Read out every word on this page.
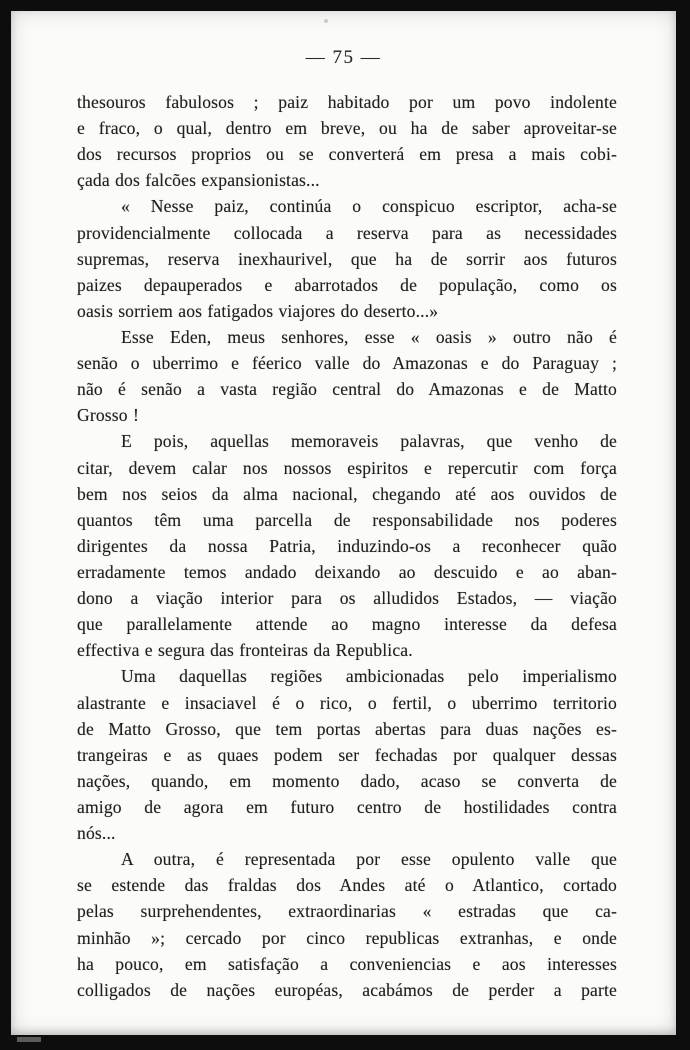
— 75 —
thesouros fabulosos ; paiz habitado por um povo indolente
e fraco, o qual, dentro em breve, ou ha de saber aproveitar-se
dos recursos proprios ou se converterá em presa a mais cobi-
çada dos falcões expansionistas...
« Nesse paiz, continúa o conspicuo escriptor, acha-se
providencialmente collocada a reserva para as necessidades
supremas, reserva inexhaurivel, que ha de sorrir aos futuros
paizes depauperados e abarrotados de população, como os
oasis sorriem aos fatigados viajores do deserto...»
Esse Eden, meus senhores, esse « oasis » outro não é
senão o uberrimo e féerico valle do Amazonas e do Paraguay ;
não é senão a vasta região central do Amazonas e de Matto
Grosso !
E pois, aquellas memoraveis palavras, que venho de
citar, devem calar nos nossos espiritos e repercutir com força
bem nos seios da alma nacional, chegando até aos ouvidos de
quantos têm uma parcella de responsabilidade nos poderes
dirigentes da nossa Patria, induzindo-os a reconhecer quão
erradamente temos andado deixando ao descuido e ao aban-
dono a viação interior para os alludidos Estados, — viação
que parallelamente attende ao magno interesse da defesa
effectiva e segura das fronteiras da Republica.
Uma daquellas regiões ambicionadas pelo imperialismo
alastrante e insaciavel é o rico, o fertil, o uberrimo territorio
de Matto Grosso, que tem portas abertas para duas nações es-
trangeiras e as quaes podem ser fechadas por qualquer dessas
nações, quando, em momento dado, acaso se converta de
amigo de agora em futuro centro de hostilidades contra
nós...
A outra, é representada por esse opulento valle que
se estende das fraldas dos Andes até o Atlantico, cortado
pelas surprehendentes, extraordinarias « estradas que ca-
minhão »; cercado por cinco republicas extranhas, e onde
ha pouco, em satisfação a conveniencias e aos interesses
colligados de nações européas, acabámos de perder a parte
